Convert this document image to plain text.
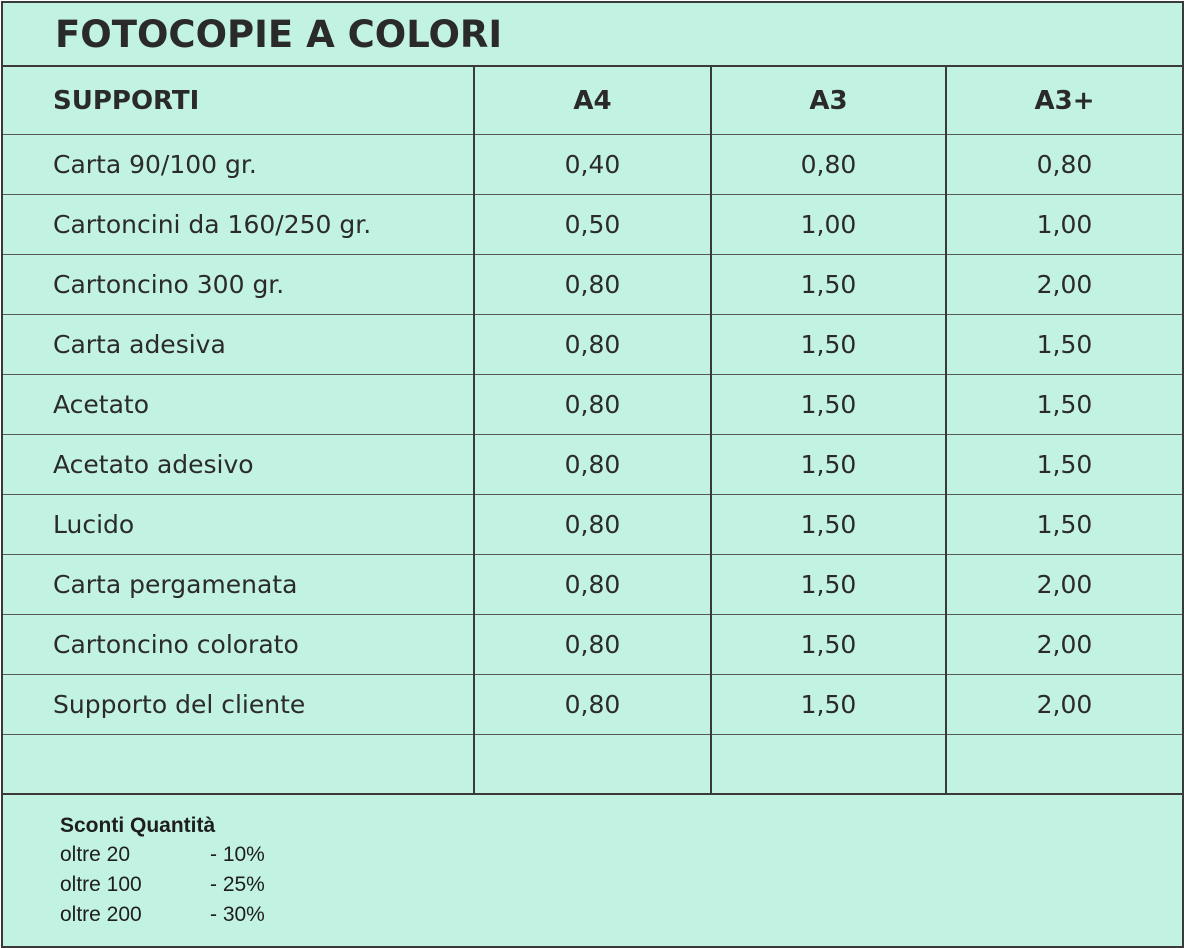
FOTOCOPIE A COLORI
SUPPORTI	A4	A3	A3+
Carta 90/100 gr.	0,40	0,80	0,80
Cartoncini da 160/250 gr.	0,50	1,00	1,00
Cartoncino 300 gr.	0,80	1,50	2,00
Carta adesiva	0,80	1,50	1,50
Acetato	0,80	1,50	1,50
Acetato adesivo	0,80	1,50	1,50
Lucido	0,80	1,50	1,50
Carta pergamenata	0,80	1,50	2,00
Cartoncino colorato	0,80	1,50	2,00
Supporto del cliente	0,80	1,50	2,00

Sconti Quantità
oltre 20	- 10%
oltre 100	- 25%
oltre 200	- 30%
